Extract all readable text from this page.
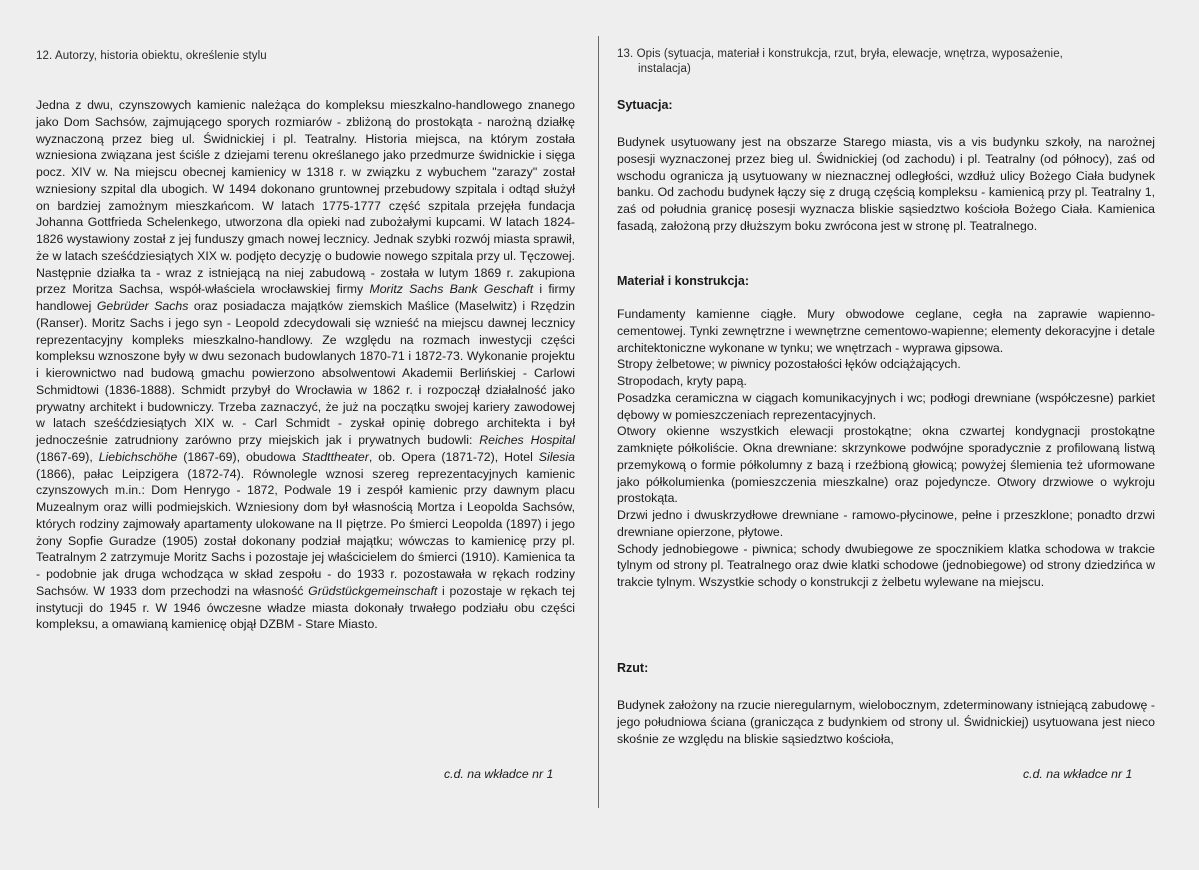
12. Autorzy, historia obiektu, określenie stylu

Jedna z dwu, czynszowych kamienic należąca do kompleksu mieszkalno-handlowego znanego jako Dom Sachsów, zajmującego sporych rozmiarów - zbliżoną do prostokąta - narożną działkę wyznaczoną przez bieg ul. Świdnickiej i pl. Teatralny. Historia miejsca, na którym została wzniesiona związana jest ściśle z dziejami terenu określanego jako przedmurze świdnickie i sięga pocz. XIV w. Na miejscu obecnej kamienicy w 1318 r. w związku z wybuchem "zarazy" został wzniesiony szpital dla ubogich. W 1494 dokonano gruntownej przebudowy szpitala i odtąd służył on bardziej zamożnym mieszkańcom. W latach 1775-1777 część szpitala przejęła fundacja Johanna Gottfrieda Schelenkego, utworzona dla opieki nad zubożałymi kupcami. W latach 1824-1826 wystawiony został z jej funduszy gmach nowej lecznicy. Jednak szybki rozwój miasta sprawił, że w latach sześćdziesiątych XIX w. podjęto decyzję o budowie nowego szpitala przy ul. Tęczowej. Następnie działka ta - wraz z istniejącą na niej zabudową - została w lutym 1869 r. zakupiona przez Moritza Sachsa, współ-właściela wrocławskiej firmy Moritz Sachs Bank Geschaft i firmy handlowej Gebrüder Sachs oraz posiadacza majątków ziemskich Maślice (Maselwitz) i Rzędzin (Ranser). Moritz Sachs i jego syn - Leopold zdecydowali się wznieść na miejscu dawnej lecznicy reprezentacyjny kompleks mieszkalno-handlowy. Ze względu na rozmach inwestycji części kompleksu wznoszone były w dwu sezonach budowlanych 1870-71 i 1872-73. Wykonanie projektu i kierownictwo nad budową gmachu powierzono absolwentowi Akademii Berlińskiej - Carlowi Schmidtowi (1836-1888). Schmidt przybył do Wrocławia w 1862 r. i rozpoczął działalność jako prywatny architekt i budowniczy. Trzeba zaznaczyć, że już na początku swojej kariery zawodowej w latach sześćdziesiątych XIX w. - Carl Schmidt - zyskał opinię dobrego architekta i był jednocześnie zatrudniony zarówno przy miejskich jak i prywatnych budowli: Reiches Hospital (1867-69), Liebichschöhe (1867-69), obudowa Stadttheater, ob. Opera (1871-72), Hotel Silesia (1866), pałac Leipzigera (1872-74). Równolegle wznosi szereg reprezentacyjnych kamienic czynszowych m.in.: Dom Henrygo - 1872, Podwale 19 i zespół kamienic przy dawnym placu Muzealnym oraz willi podmiejskich. Wzniesiony dom był własnością Mortza i Leopolda Sachsów, których rodziny zajmowały apartamenty ulokowane na II piętrze. Po śmierci Leopolda (1897) i jego żony Sopfie Guradze (1905) został dokonany podział majątku; wówczas to kamienicę przy pl. Teatralnym 2 zatrzymuje Moritz Sachs i pozostaje jej właścicielem do śmierci (1910). Kamienica ta - podobnie jak druga wchodząca w skład zespołu - do 1933 r. pozostawała w rękach rodziny Sachsów. W 1933 dom przechodzi na własność Grüdstückgemeinschaft i pozostaje w rękach tej instytucji do 1945 r. W 1946 ówczesne władze miasta dokonały trwałego podziału obu części kompleksu, a omawianą kamienicę objął DZBM - Stare Miasto.

c.d. na wkładce nr 1

13. Opis (sytuacja, materiał i konstrukcja, rzut, bryła, elewacje, wnętrza, wyposażenie,
instalacja)

Sytuacja:

Budynek usytuowany jest na obszarze Starego miasta, vis a vis budynku szkoły, na narożnej posesji wyznaczonej przez bieg ul. Świdnickiej (od zachodu) i pl. Teatralny (od północy), zaś od wschodu ogranicza ją usytuowany w nieznacznej odległości, wzdłuż ulicy Bożego Ciała budynek banku. Od zachodu budynek łączy się z drugą częścią kompleksu - kamienicą przy pl. Teatralny 1, zaś od południa granicę posesji wyznacza bliskie sąsiedztwo kościoła Bożego Ciała. Kamienica fasadą, założoną przy dłuższym boku zwrócona jest w stronę pl. Teatralnego.

Materiał i konstrukcja:

Fundamenty kamienne ciągłe. Mury obwodowe ceglane, cegła na zaprawie wapienno-cementowej. Tynki zewnętrzne i wewnętrzne cementowo-wapienne; elementy dekoracyjne i detale architektoniczne wykonane w tynku; we wnętrzach - wyprawa gipsowa.
Stropy żelbetowe; w piwnicy pozostałości łęków odciążających.
Stropodach, kryty papą.
Posadzka ceramiczna w ciągach komunikacyjnych i wc; podłogi drewniane (współczesne) parkiet dębowy w pomieszczeniach reprezentacyjnych.
Otwory okienne wszystkich elewacji prostokątne; okna czwartej kondygnacji prostokątne zamknięte półkoliście. Okna drewniane: skrzynkowe podwójne sporadycznie z profilowaną listwą przemykową o formie półkolumny z bazą i rzeźbioną głowicą; powyżej ślemienia też uformowane jako półkolumienka (pomieszczenia mieszkalne) oraz pojedyncze. Otwory drzwiowe o wykroju prostokąta.
Drzwi jedno i dwuskrzydłowe drewniane - ramowo-płycinowe, pełne i przeszklone; ponadto drzwi drewniane opierzone, płytowe.
Schody jednobiegowe - piwnica; schody dwubiegowe ze spocznikiem klatka schodowa w trakcie tylnym od strony pl. Teatralnego oraz dwie klatki schodowe (jednobiegowe) od strony dziedzińca w trakcie tylnym. Wszystkie schody o konstrukcji z żelbetu wylewane na miejscu.

Rzut:

Budynek założony na rzucie nieregularnym, wielobocznym, zdeterminowany istniejącą zabudowę - jego południowa ściana (granicząca z budynkiem od strony ul. Świdnickiej) usytuowana jest nieco skośnie ze względu na bliskie sąsiedztwo kościoła,

c.d. na wkładce nr 1
